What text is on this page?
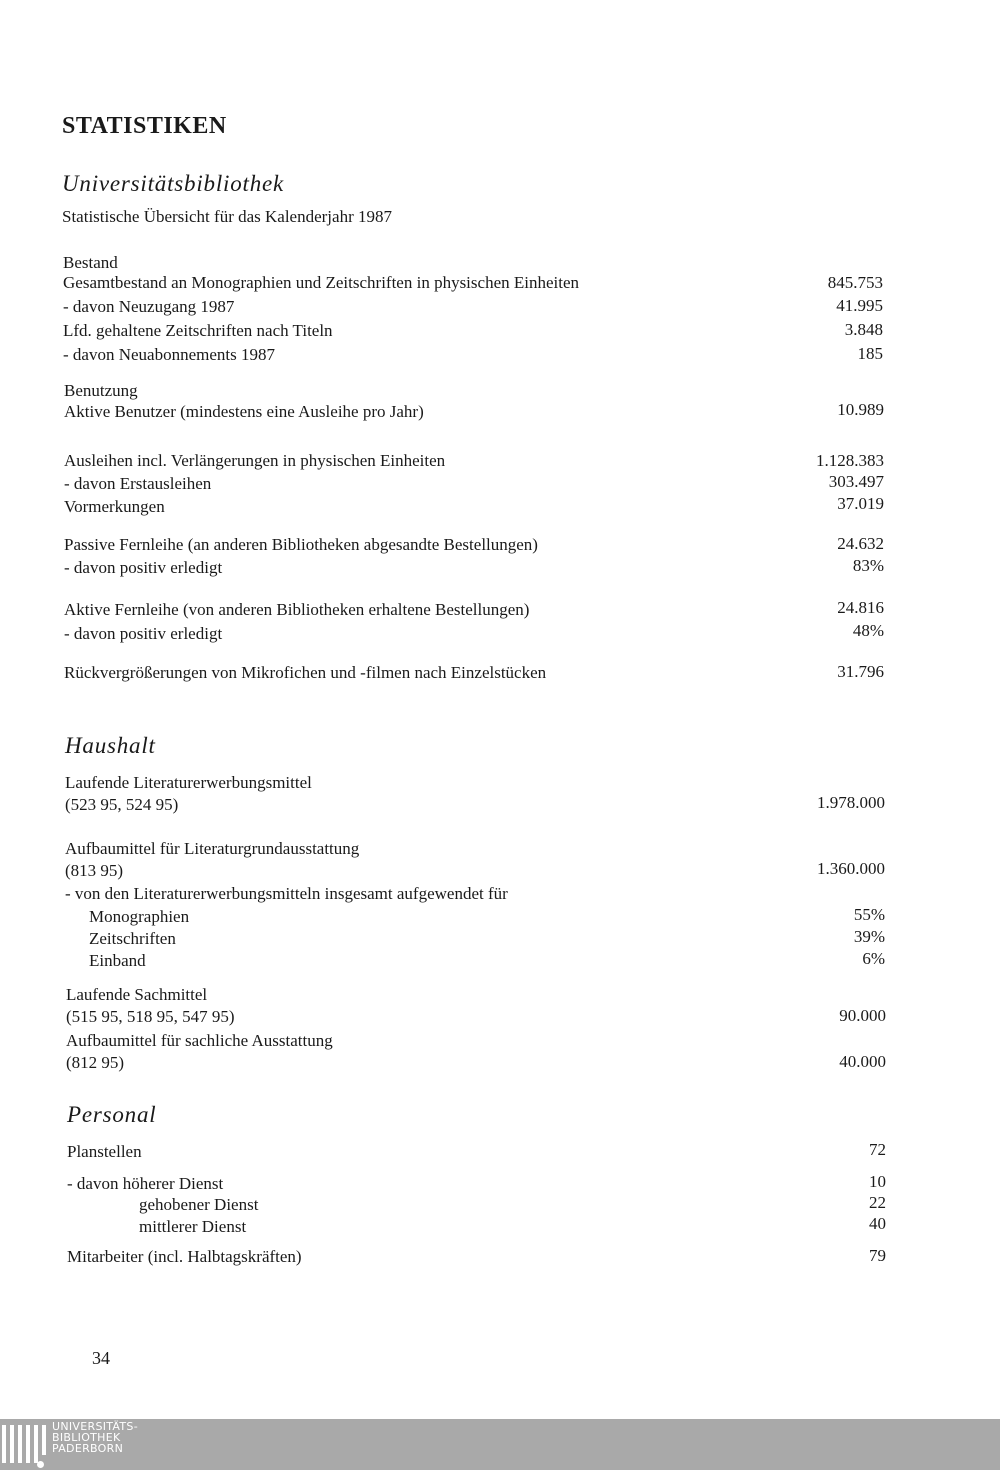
STATISTIKEN
Universitätsbibliothek
Statistische Übersicht für das Kalenderjahr 1987
Bestand
Gesamtbestand an Monographien und Zeitschriften in physischen Einheiten	845.753
- davon Neuzugang 1987	41.995
Lfd. gehaltene Zeitschriften nach Titeln	3.848
- davon Neuabonnements 1987	185
Benutzung
Aktive Benutzer (mindestens eine Ausleihe pro Jahr)	10.989
Ausleihen incl. Verlängerungen in physischen Einheiten	1.128.383
- davon Erstausleihen	303.497
Vormerkungen	37.019
Passive Fernleihe (an anderen Bibliotheken abgesandte Bestellungen)	24.632
- davon positiv erledigt	83%
Aktive Fernleihe (von anderen Bibliotheken erhaltene Bestellungen)	24.816
- davon positiv erledigt	48%
Rückvergrößerungen von Mikrofichen und -filmen nach Einzelstücken	31.796
Haushalt
Laufende Literaturerwerbungsmittel
(523 95, 524 95)	1.978.000
Aufbaumittel für Literaturgrundausstattung
(813 95)	1.360.000
- von den Literaturerwerbungsmitteln insgesamt aufgewendet für
Monographien	55%
Zeitschriften	39%
Einband	6%
Laufende Sachmittel
(515 95, 518 95, 547 95)	90.000
Aufbaumittel für sachliche Ausstattung
(812 95)	40.000
Personal
Planstellen	72
- davon höherer Dienst	10
gehobener Dienst	22
mittlerer Dienst	40
Mitarbeiter (incl. Halbtagskräften)	79
34
UNIVERSITÄTS-
BIBLIOTHEK
PADERBORN
